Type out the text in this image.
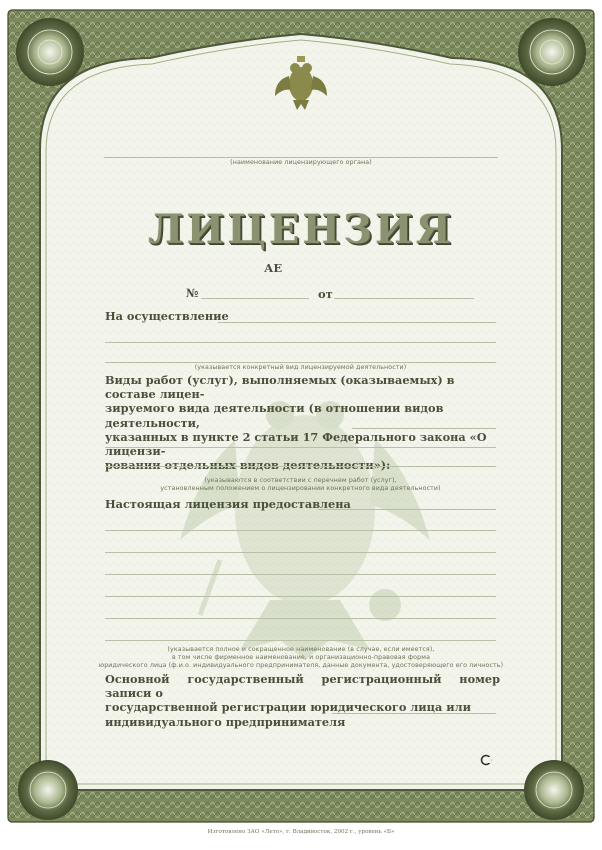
(наименование лицензирующего органа)
ЛИЦЕНЗИЯ
АЕ
№	от
На осуществление
(указывается конкретный вид лицензируемой деятельности)
Виды работ (услуг), выполняемых (оказываемых) в составе лицен-
зируемого вида деятельности (в отношении видов деятельности,
указанных в пункте 2 статьи 17 Федерального закона «О лицензи-
ровании отдельных видов деятельности»):
(указываются в соответствии с перечнем работ (услуг),
установленным положением о лицензировании конкретного вида деятельности)
Настоящая лицензия предоставлена
(указывается полное и сокращенное наименование (в случае, если имеется),
в том числе фирменное наименование, и организационно-правовая форма
юридического лица (ф.и.о. индивидуального предпринимателя, данные документа, удостоверяющего его личность)
Основной государственный регистрационный номер записи о
государственной регистрации юридического лица или
индивидуального предпринимателя
Изготовлено ЗАО «Лето», г. Владивосток, 2002 г., уровень «Б»
